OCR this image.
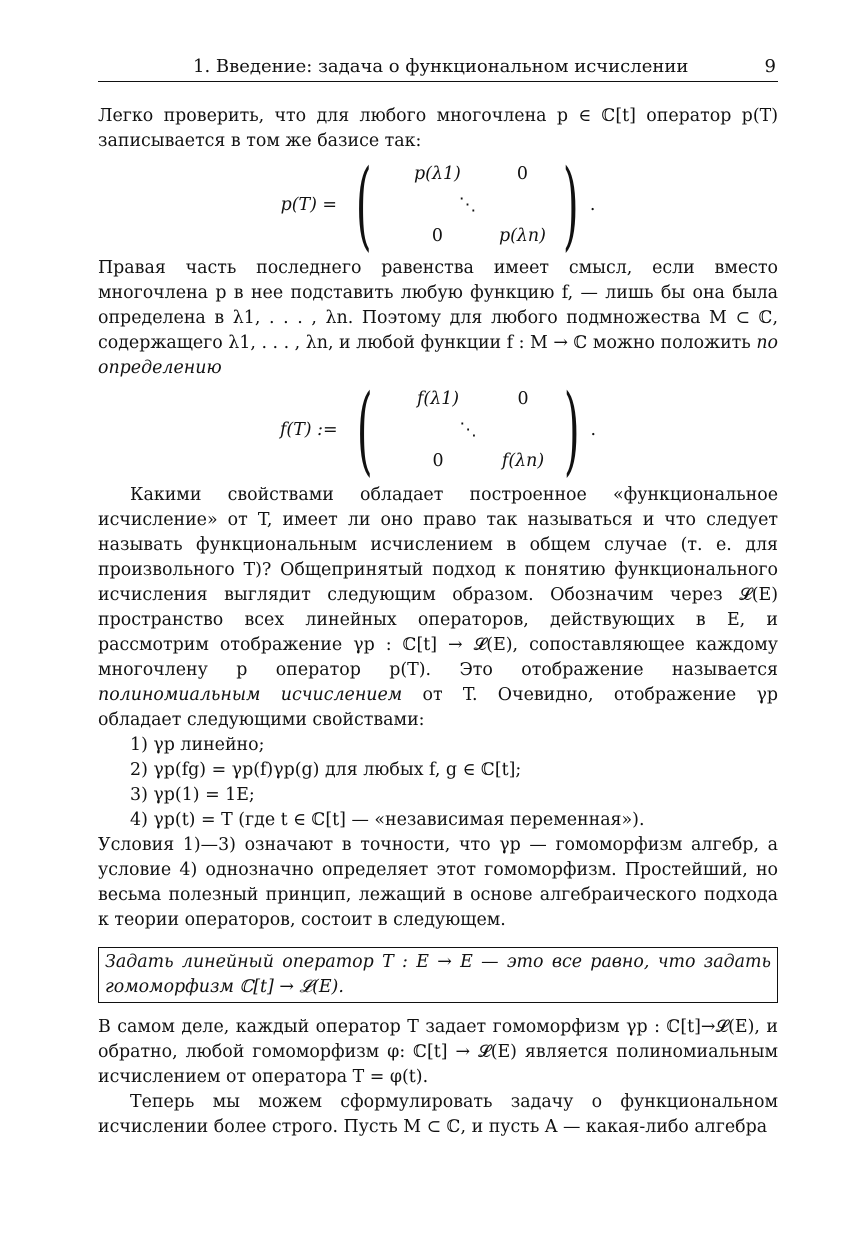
1. Введение: задача о функциональном исчислении	9

Легко проверить, что для любого многочлена p ∈ ℂ[t] оператор p(T) записывается в том же базисе так:

p(T) = (	p(λ1)	0
⋱
0	p(λn) ) .

Правая часть последнего равенства имеет смысл, если вместо многочлена p в нее подставить любую функцию f, — лишь бы она была определена в λ1, . . . , λn. Поэтому для любого подмножества M ⊂ ℂ, содержащего λ1, . . . , λn, и любой функции f : M → ℂ можно положить по определению

f(T) := (	f(λ1)	0
⋱
0	f(λn) ) .

Какими свойствами обладает построенное «функциональное исчисление» от T, имеет ли оно право так называться и что следует называть функциональным исчислением в общем случае (т. е. для произвольного T)? Общепринятый подход к понятию функционального исчисления выглядит следующим образом. Обозначим через 𝓛(E) пространство всех линейных операторов, действующих в E, и рассмотрим отображение γp : ℂ[t] → 𝓛(E), сопоставляющее каждому многочлену p оператор p(T). Это отображение называется полиномиальным исчислением от T. Очевидно, отображение γp обладает следующими свойствами:

1) γp линейно;
2) γp(fg) = γp(f)γp(g) для любых f, g ∈ ℂ[t];
3) γp(1) = 1E;
4) γp(t) = T (где t ∈ ℂ[t] — «независимая переменная»).

Условия 1)—3) означают в точности, что γp — гомоморфизм алгебр, а условие 4) однозначно определяет этот гомоморфизм. Простейший, но весьма полезный принцип, лежащий в основе алгебраического подхода к теории операторов, состоит в следующем.

Задать линейный оператор T : E → E — это все равно, что задать гомоморфизм ℂ[t] → 𝓛(E).

В самом деле, каждый оператор T задает гомоморфизм γp : ℂ[t]→𝓛(E), и обратно, любой гомоморфизм φ: ℂ[t] → 𝓛(E) является полиномиальным исчислением от оператора T = φ(t).

Теперь мы можем сформулировать задачу о функциональном исчислении более строго. Пусть M ⊂ ℂ, и пусть A — какая-либо алгебра
